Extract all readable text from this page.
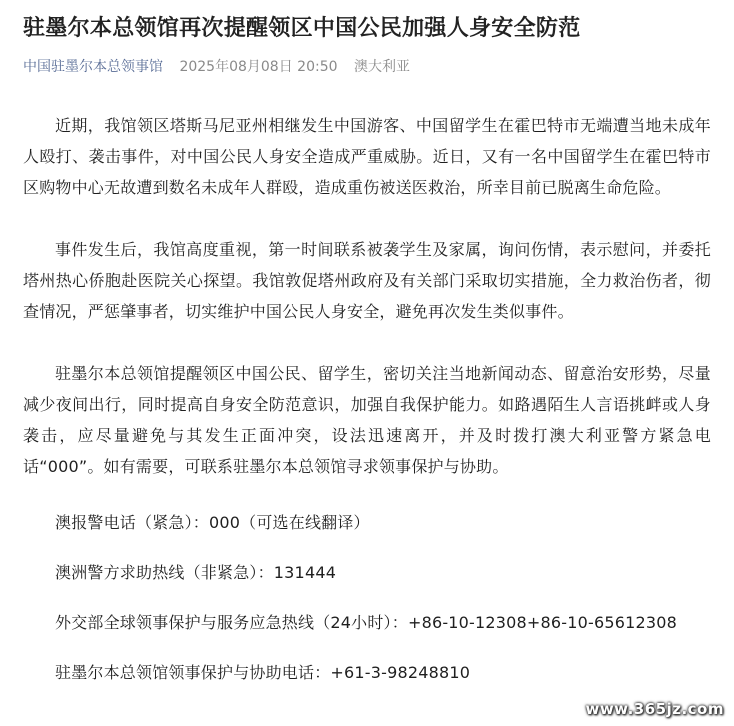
驻墨尔本总领馆再次提醒领区中国公民加强人身安全防范
中国驻墨尔本总领事馆 2025年08月08日 20:50 澳大利亚

近期，我馆领区塔斯马尼亚州相继发生中国游客、中国留学生在霍巴特市无端遭当地未成年人殴打、袭击事件，对中国公民人身安全造成严重威胁。近日，又有一名中国留学生在霍巴特市区购物中心无故遭到数名未成年人群殴，造成重伤被送医救治，所幸目前已脱离生命危险。

事件发生后，我馆高度重视，第一时间联系被袭学生及家属，询问伤情，表示慰问，并委托塔州热心侨胞赴医院关心探望。我馆敦促塔州政府及有关部门采取切实措施，全力救治伤者，彻查情况，严惩肇事者，切实维护中国公民人身安全，避免再次发生类似事件。

驻墨尔本总领馆提醒领区中国公民、留学生，密切关注当地新闻动态、留意治安形势，尽量减少夜间出行，同时提高自身安全防范意识，加强自我保护能力。如路遇陌生人言语挑衅或人身袭击，应尽量避免与其发生正面冲突，设法迅速离开，并及时拨打澳大利亚警方紧急电话“000”。如有需要，可联系驻墨尔本总领馆寻求领事保护与协助。

澳报警电话（紧急）：000（可选在线翻译）

澳洲警方求助热线（非紧急）：131444

外交部全球领事保护与服务应急热线（24小时）：+86-10-12308+86-10-65612308

驻墨尔本总领馆领事保护与协助电话：+61-3-98248810

www.365jz.com
